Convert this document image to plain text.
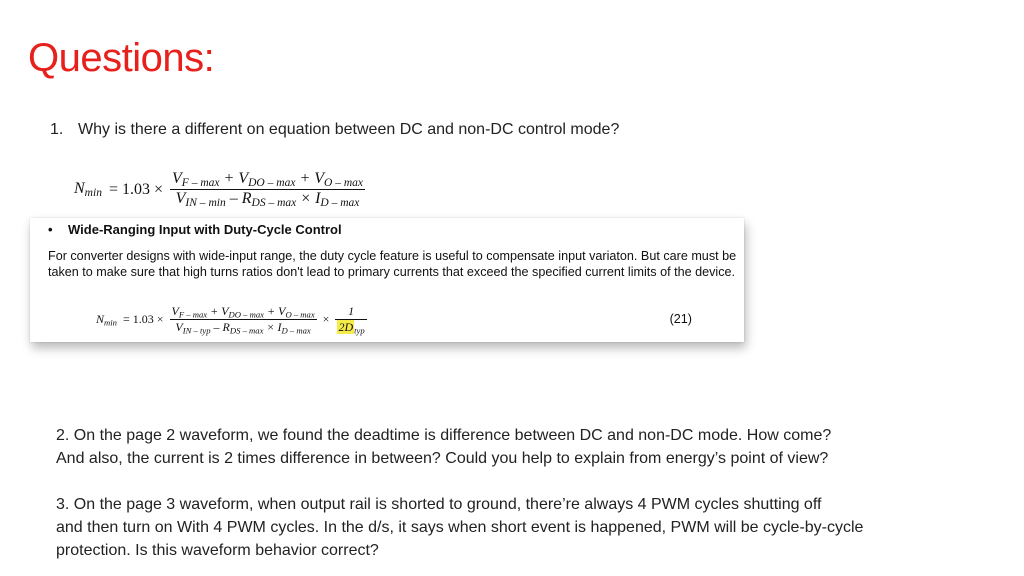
Questions:
1. Why is there a different on equation between DC and non-DC control mode?
$N_{min} = 1.03 \times \frac{V_{F - max} + V_{DO - max} + V_{O - max}}{V_{IN - min} - R_{DS - max} \times I_{D - max}}$
• Wide-Ranging Input with Duty-Cycle Control
For converter designs with wide-input range, the duty cycle feature is useful to compensate input variaton. But care must be taken to make sure that high turns ratios don't lead to primary currents that exceed the specified current limits of the device.
$N_{min} = 1.03 \times \frac{V_{F - max} + V_{DO - max} + V_{O - max}}{V_{IN - typ} - R_{DS - max} \times I_{D - max}} \times \frac{1}{2D_{typ}}$	(21)
2. On the page 2 waveform, we found the deadtime is difference between DC and non-DC mode. How come?
And also, the current is 2 times difference in between? Could you help to explain from energy’s point of view?
3. On the page 3 waveform, when output rail is shorted to ground, there’re always 4 PWM cycles shutting off
and then turn on With 4 PWM cycles. In the d/s, it says when short event is happened, PWM will be cycle-by-cycle
protection. Is this waveform behavior correct?
